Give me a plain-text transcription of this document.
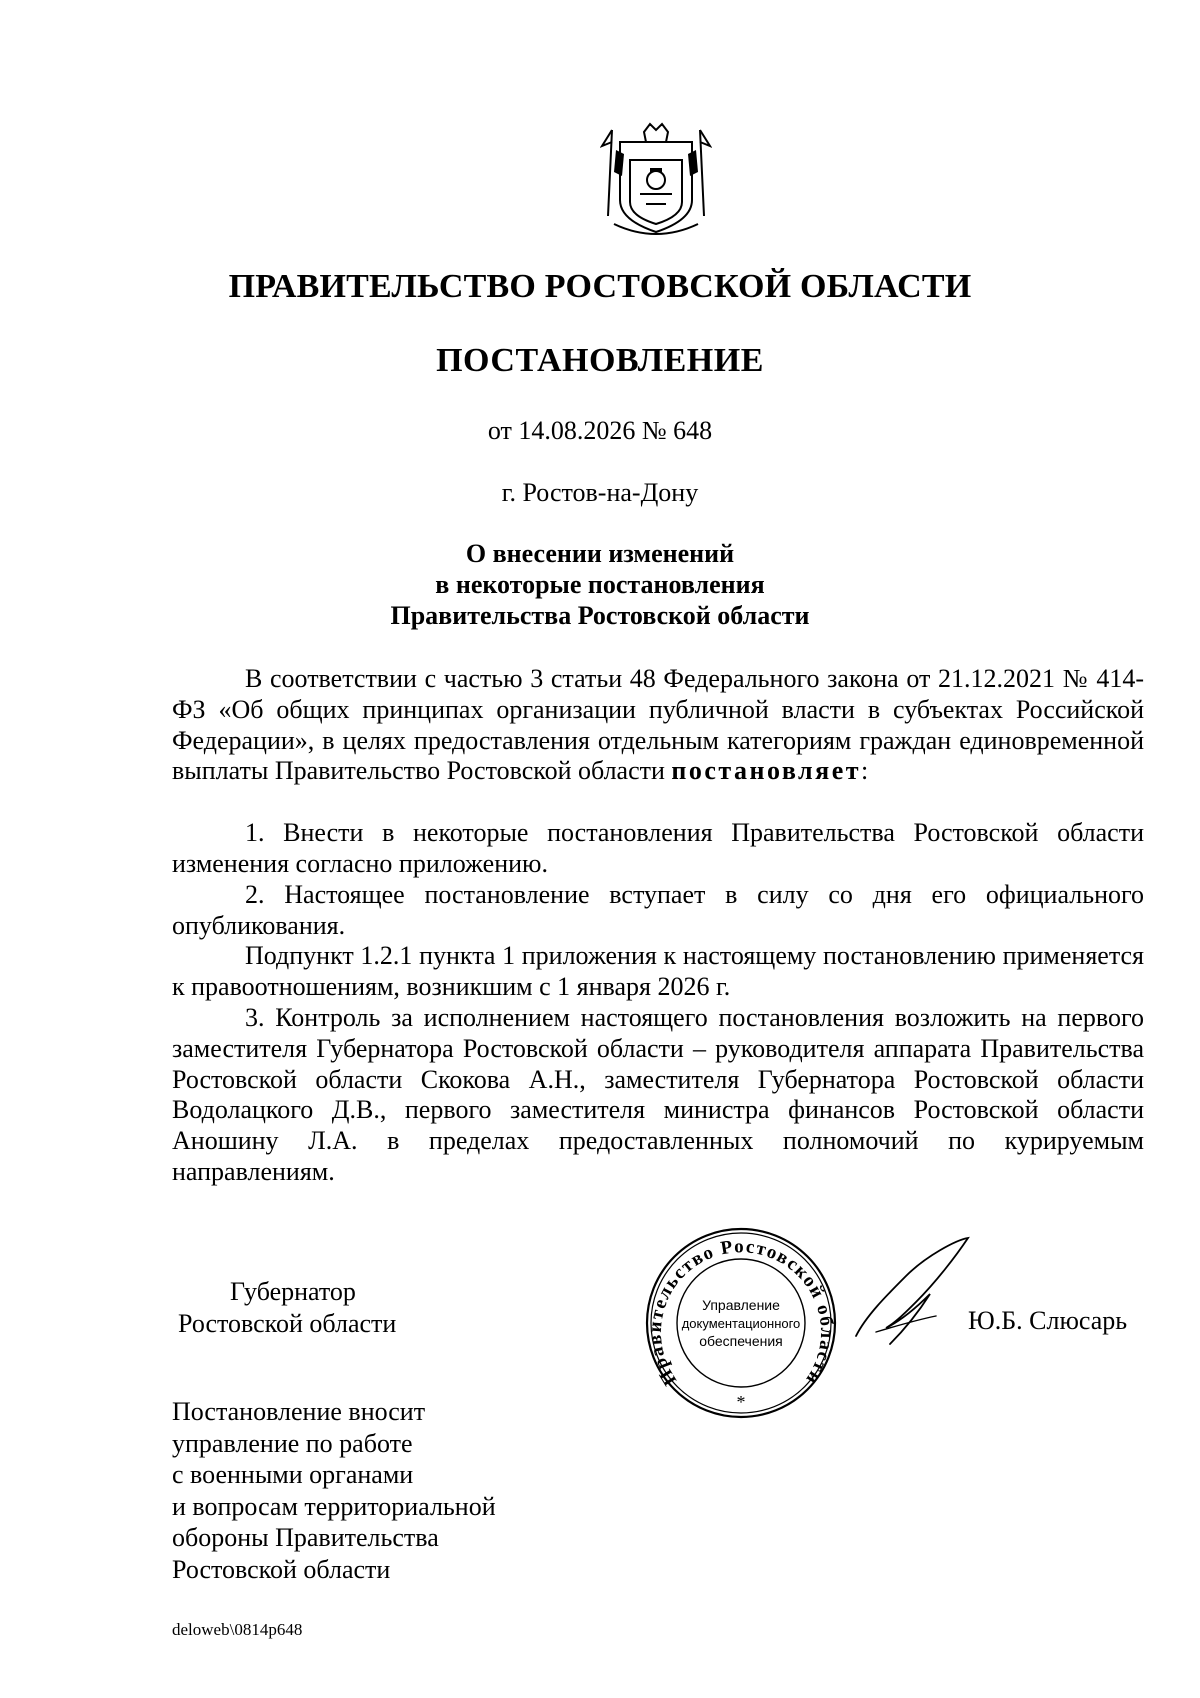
ПРАВИТЕЛЬСТВО РОСТОВСКОЙ ОБЛАСТИ
ПОСТАНОВЛЕНИЕ
от 14.08.2026 № 648
г. Ростов-на-Дону
О внесении изменений
в некоторые постановления
Правительства Ростовской области

В соответствии с частью 3 статьи 48 Федерального закона от 21.12.2021 № 414-ФЗ «Об общих принципах организации публичной власти в субъектах Российской Федерации», в целях предоставления отдельным категориям граждан единовременной выплаты Правительство Ростовской области постановляет:

1. Внести в некоторые постановления Правительства Ростовской области изменения согласно приложению.

2. Настоящее постановление вступает в силу со дня его официального опубликования.

Подпункт 1.2.1 пункта 1 приложения к настоящему постановлению применяется к правоотношениям, возникшим с 1 января 2026 г.

3. Контроль за исполнением настоящего постановления возложить на первого заместителя Губернатора Ростовской области – руководителя аппарата Правительства Ростовской области Скокова А.Н., заместителя Губернатора Ростовской области Водолацкого Д.В., первого заместителя министра финансов Ростовской области Аношину Л.А. в пределах предоставленных полномочий по курируемым направлениям.

Губернатор
Ростовской области
Правительство Ростовской области
Управление
документационного
обеспечения
*
Ю.Б. Слюсарь
Постановление вносит
управление по работе
с военными органами
и вопросам территориальной
обороны Правительства
Ростовской области
deloweb\0814p648
